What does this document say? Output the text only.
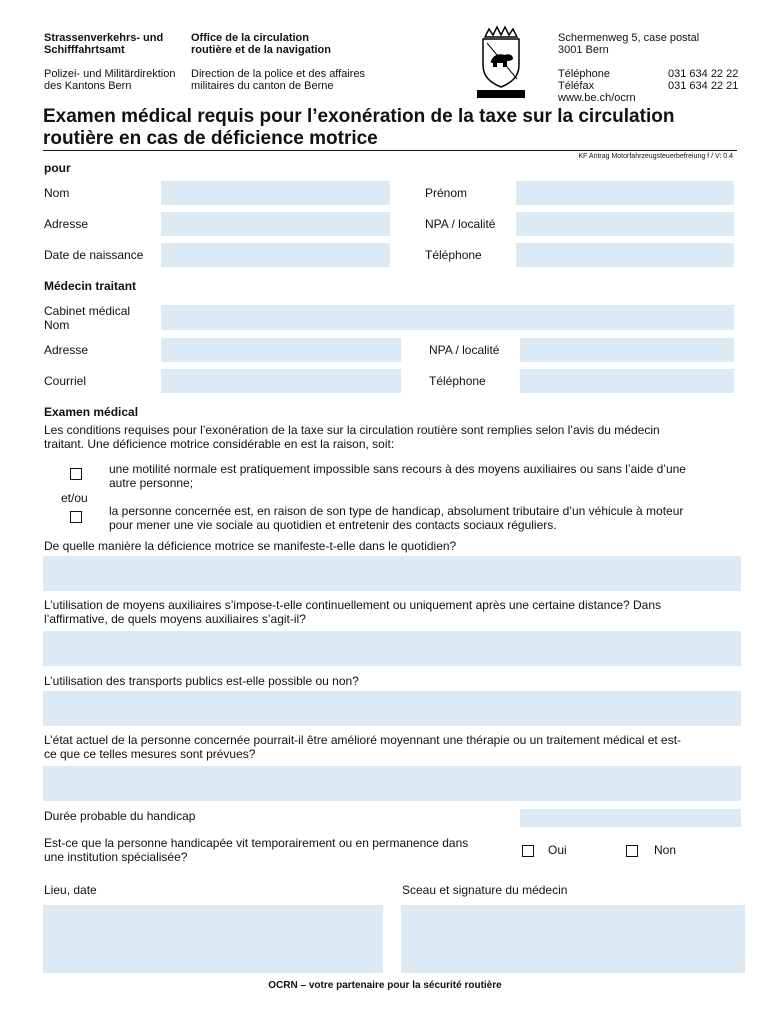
Strassenverkehrs- und
Schifffahrtsamt
Office de la circulation
routière et de la navigation
Polizei- und Militärdirektion
des Kantons Bern
Direction de la police et des affaires
militaires du canton de Berne
Schermenweg 5, case postal
3001 Bern
Téléphone	031 634 22 22
Téléfax	031 634 22 21
www.be.ch/ocrn
Examen médical requis pour l’exonération de la taxe sur la circulation
routière en cas de déficience motrice
KF Antrag Motorfahrzeugsteuerbefreiung f / V: 0.4
pour
Nom	Prénom
Adresse	NPA / localité
Date de naissance	Téléphone
Médecin traitant
Cabinet médical
Nom
Adresse	NPA / localité
Courriel	Téléphone
Examen médical
Les conditions requises pour l’exonération de la taxe sur la circulation routière sont remplies selon l’avis du médecin
traitant. Une déficience motrice considérable en est la raison, soit:
une motilité normale est pratiquement impossible sans recours à des moyens auxiliaires ou sans l’aide d’une
autre personne;
et/ou
la personne concernée est, en raison de son type de handicap, absolument tributaire d’un véhicule à moteur
pour mener une vie sociale au quotidien et entretenir des contacts sociaux réguliers.
De quelle manière la déficience motrice se manifeste-t-elle dans le quotidien?
L’utilisation de moyens auxiliaires s’impose-t-elle continuellement ou uniquement après une certaine distance? Dans
l’affirmative, de quels moyens auxiliaires s’agit-il?
L’utilisation des transports publics est-elle possible ou non?
L’état actuel de la personne concernée pourrait-il être amélioré moyennant une thérapie ou un traitement médical et est-
ce que ce telles mesures sont prévues?
Durée probable du handicap
Est-ce que la personne handicapée vit temporairement ou en permanence dans
une institution spécialisée?	Oui	Non
Lieu, date	Sceau et signature du médecin
OCRN – votre partenaire pour la sécurité routière
